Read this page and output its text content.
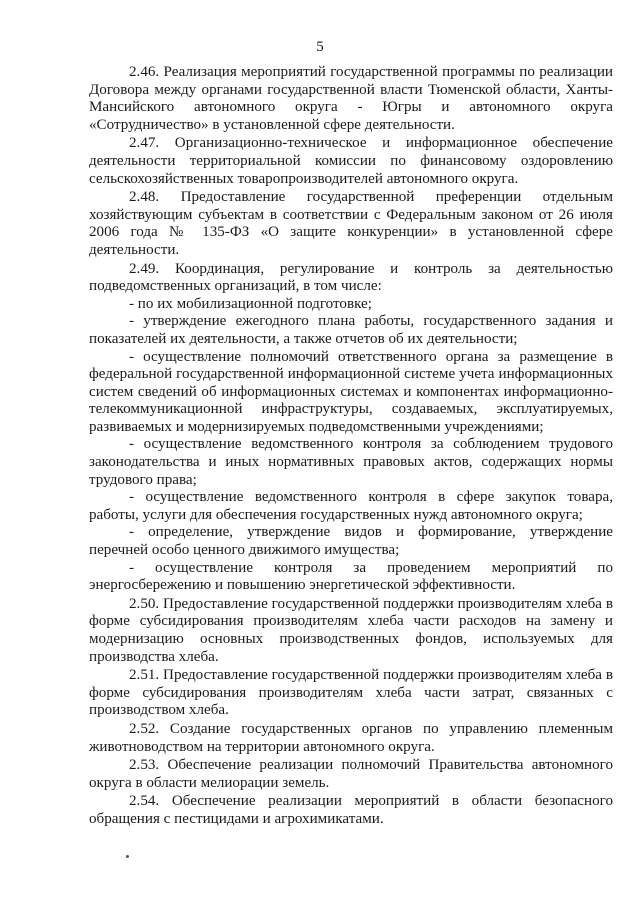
5

2.46. Реализация мероприятий государственной программы по реализации Договора между органами государственной власти Тюменской области, Ханты-Мансийского автономного округа - Югры и автономного округа «Сотрудничество» в установленной сфере деятельности.

2.47. Организационно-техническое и информационное обеспечение деятельности территориальной комиссии по финансовому оздоровлению сельскохозяйственных товаропроизводителей автономного округа.

2.48. Предоставление государственной преференции отдельным хозяйствующим субъектам в соответствии с Федеральным законом от 26 июля 2006 года № 135-ФЗ «О защите конкуренции» в установленной сфере деятельности.

2.49. Координация, регулирование и контроль за деятельностью подведомственных организаций, в том числе:

- по их мобилизационной подготовке;

- утверждение ежегодного плана работы, государственного задания и показателей их деятельности, а также отчетов об их деятельности;

- осуществление полномочий ответственного органа за размещение в федеральной государственной информационной системе учета информационных систем сведений об информационных системах и компонентах информационно-телекоммуникационной инфраструктуры, создаваемых, эксплуатируемых, развиваемых и модернизируемых подведомственными учреждениями;

- осуществление ведомственного контроля за соблюдением трудового законодательства и иных нормативных правовых актов, содержащих нормы трудового права;

- осуществление ведомственного контроля в сфере закупок товара, работы, услуги для обеспечения государственных нужд автономного округа;

- определение, утверждение видов и формирование, утверждение перечней особо ценного движимого имущества;

- осуществление контроля за проведением мероприятий по энергосбережению и повышению энергетической эффективности.

2.50. Предоставление государственной поддержки производителям хлеба в форме субсидирования производителям хлеба части расходов на замену и модернизацию основных производственных фондов, используемых для производства хлеба.

2.51. Предоставление государственной поддержки производителям хлеба в форме субсидирования производителям хлеба части затрат, связанных с производством хлеба.

2.52. Создание государственных органов по управлению племенным животноводством на территории автономного округа.

2.53. Обеспечение реализации полномочий Правительства автономного округа в области мелиорации земель.

2.54. Обеспечение реализации мероприятий в области безопасного обращения с пестицидами и агрохимикатами.
